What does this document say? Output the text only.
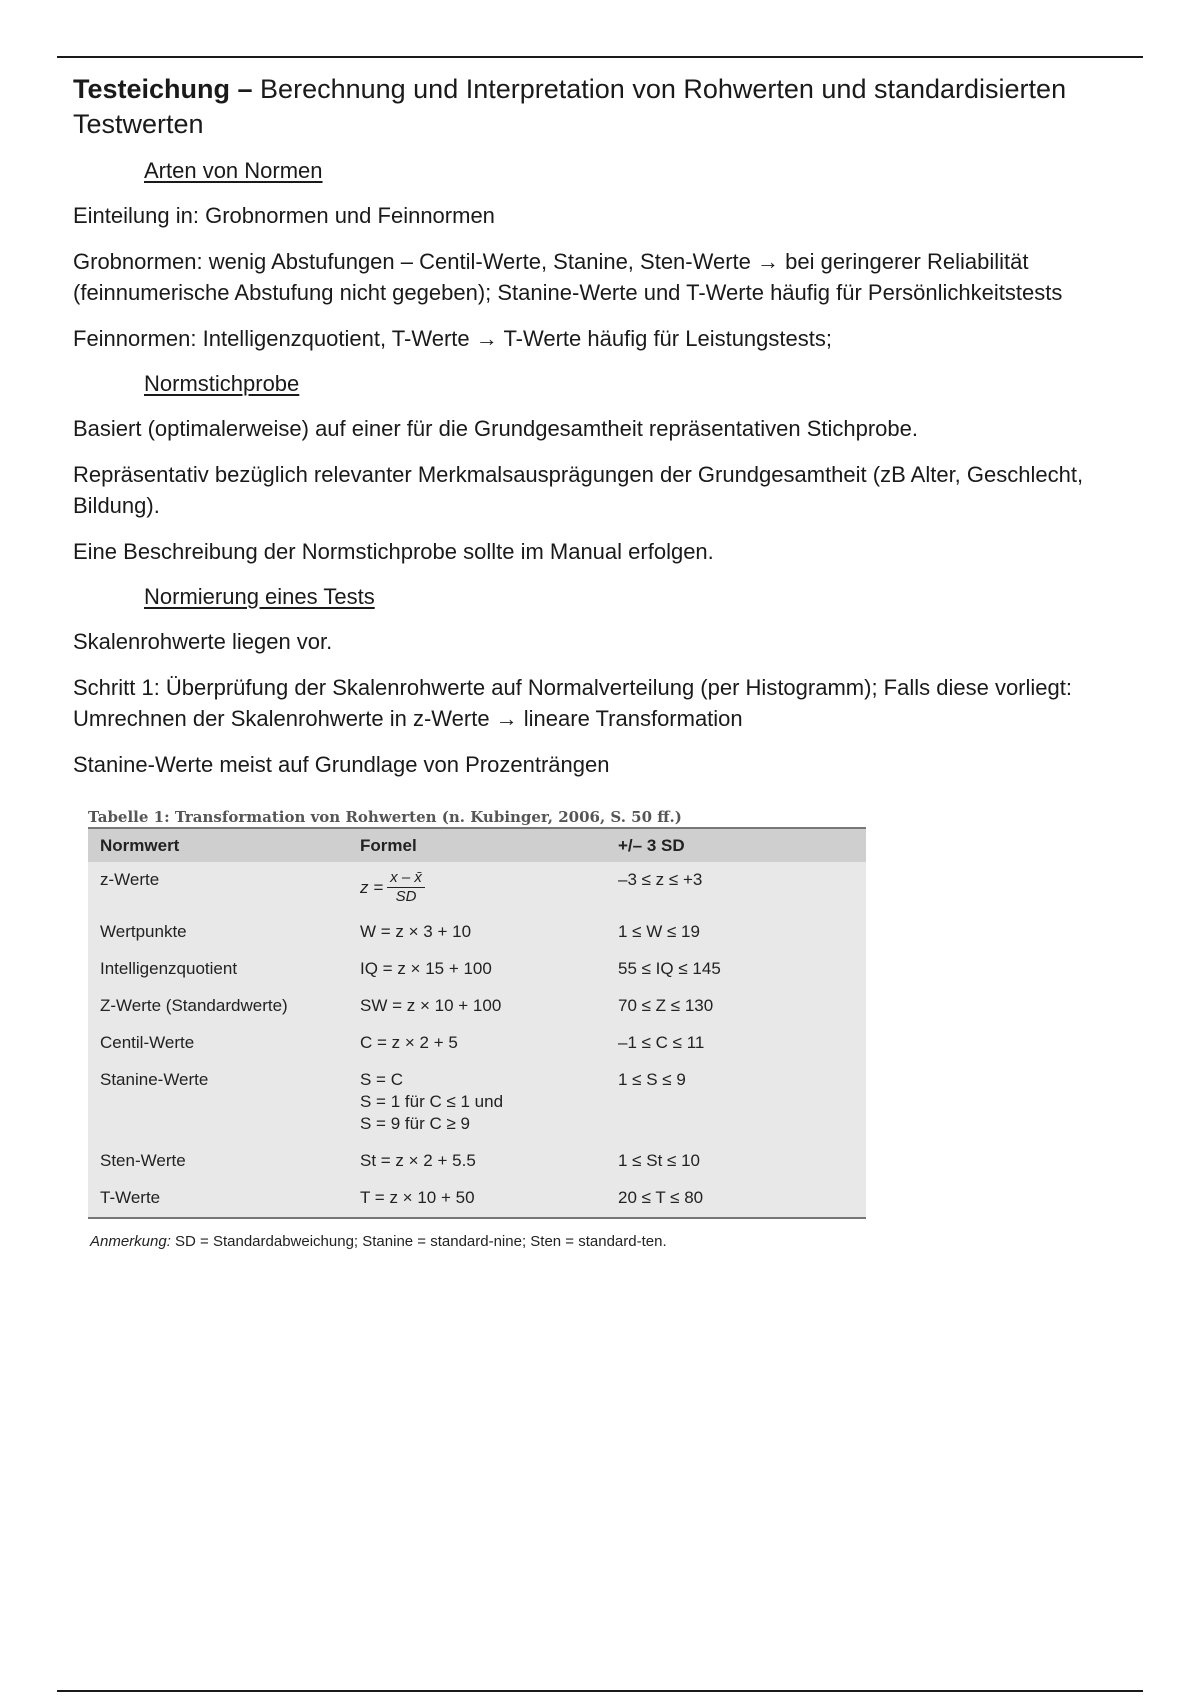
Testeichung – Berechnung und Interpretation von Rohwerten und standardisierten Testwerten
Arten von Normen

Einteilung in: Grobnormen und Feinnormen

Grobnormen: wenig Abstufungen – Centil-Werte, Stanine, Sten-Werte → bei geringerer Reliabilität (feinnumerische Abstufung nicht gegeben); Stanine-Werte und T-Werte häufig für Persönlichkeitstests

Feinnormen: Intelligenzquotient, T-Werte → T-Werte häufig für Leistungstests;

Normstichprobe

Basiert (optimalerweise) auf einer für die Grundgesamtheit repräsentativen Stichprobe.

Repräsentativ bezüglich relevanter Merkmalsausprägungen der Grundgesamtheit (zB Alter, Geschlecht, Bildung).

Eine Beschreibung der Normstichprobe sollte im Manual erfolgen.

Normierung eines Tests

Skalenrohwerte liegen vor.

Schritt 1: Überprüfung der Skalenrohwerte auf Normalverteilung (per Histogramm); Falls diese vorliegt: Umrechnen der Skalenrohwerte in z-Werte → lineare Transformation

Stanine-Werte meist auf Grundlage von Prozenträngen

Tabelle 1: Transformation von Rohwerten (n. Kubinger, 2006, S. 50 ff.)
Normwert	Formel	+/– 3 SD
z-Werte	$z = \frac{x - x̄}{SD}$	–3 ≤ z ≤ +3
Wertpunkte	W = z × 3 + 10	1 ≤ W ≤ 19
Intelligenzquotient	IQ = z × 15 + 100	55 ≤ IQ ≤ 145
Z-Werte (Standardwerte)	SW = z × 10 + 100	70 ≤ Z ≤ 130
Centil-Werte	C = z × 2 + 5	–1 ≤ C ≤ 11
Stanine-Werte	S = C
S = 1 für C ≤ 1 und
S = 9 für C ≥ 9	1 ≤ S ≤ 9
Sten-Werte	St = z × 2 + 5.5	1 ≤ St ≤ 10
T-Werte	T = z × 10 + 50	20 ≤ T ≤ 80
Anmerkung: SD = Standardabweichung; Stanine = standard-nine; Sten = standard-ten.
